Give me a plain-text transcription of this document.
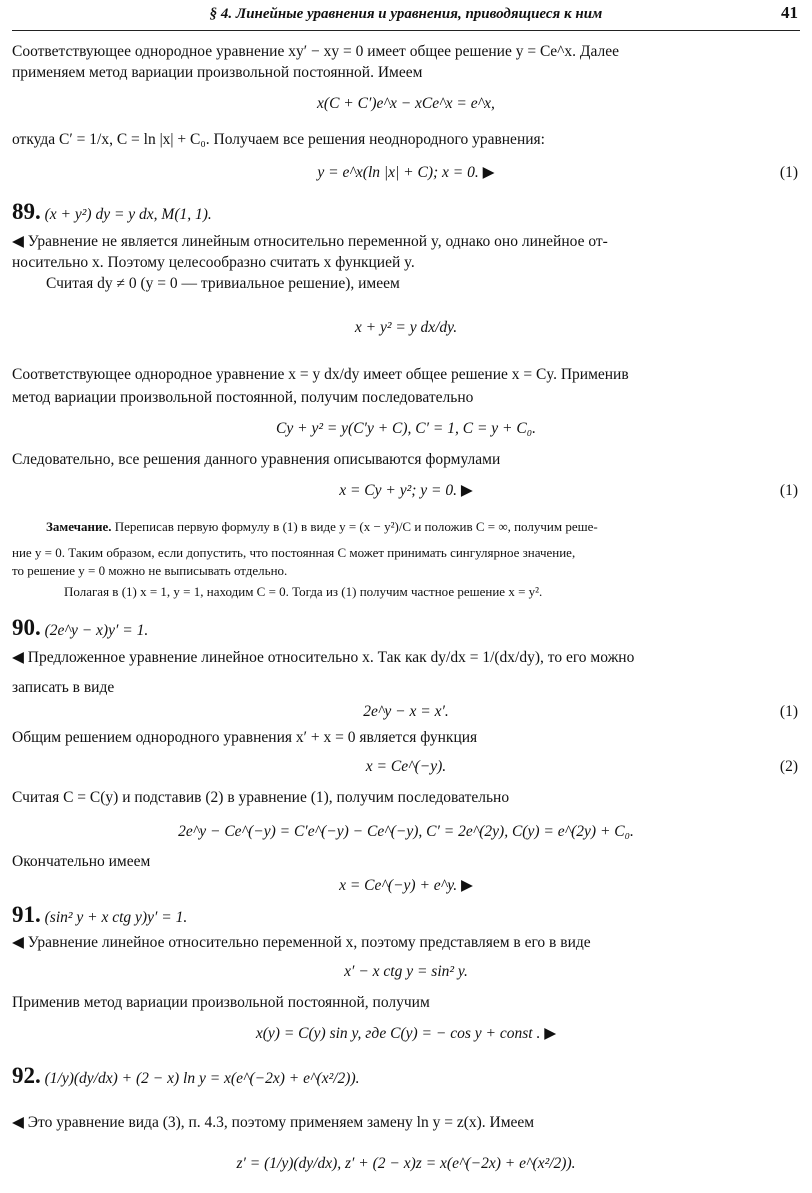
§ 4. Линейные уравнения и уравнения, приводящиеся к ним	41
Соответствующее однородное уравнение xy′ − xy = 0 имеет общее решение y = Ce^x. Далее
применяем метод вариации произвольной постоянной. Имеем
x(C + C′)e^x − xCe^x = e^x,
откуда C′ = 1/x, C = ln |x| + C₀. Получаем все решения неоднородного уравнения:
y = e^x(ln |x| + C); x = 0. ▶	(1)
89. (x + y²) dy = y dx, M(1, 1).
◀ Уравнение не является линейным относительно переменной y, однако оно линейное от-
носительно x. Поэтому целесообразно считать x функцией y.
Считая dy ≠ 0 (y = 0 — тривиальное решение), имеем
x + y² = y dx/dy.
Соответствующее однородное уравнение x = y dx/dy имеет общее решение x = Cy. Применив
метод вариации произвольной постоянной, получим последовательно
Cy + y² = y(C′y + C), C′ = 1, C = y + C₀.
Следовательно, все решения данного уравнения описываются формулами
x = Cy + y²; y = 0. ▶	(1)
Замечание. Переписав первую формулу в (1) в виде y = (x − y²)/C и положив C = ∞, получим реше-
ние y = 0. Таким образом, если допустить, что постоянная C может принимать сингулярное значение,
то решение y = 0 можно не выписывать отдельно.
Полагая в (1) x = 1, y = 1, находим C = 0. Тогда из (1) получим частное решение x = y².
90. (2e^y − x)y′ = 1.
◀ Предложенное уравнение линейное относительно x. Так как dy/dx = 1/(dx/dy), то его можно
записать в виде
2e^y − x = x′.	(1)
Общим решением однородного уравнения x′ + x = 0 является функция
x = Ce^(−y).	(2)
Считая C = C(y) и подставив (2) в уравнение (1), получим последовательно
2e^y − Ce^(−y) = C′e^(−y) − Ce^(−y), C′ = 2e^(2y), C(y) = e^(2y) + C₀.
Окончательно имеем
x = Ce^(−y) + e^y. ▶
91. (sin² y + x ctg y)y′ = 1.
◀ Уравнение линейное относительно переменной x, поэтому представляем в его в виде
x′ − x ctg y = sin² y.
Применив метод вариации произвольной постоянной, получим
x(y) = C(y) sin y, где C(y) = − cos y + const . ▶
92. (1/y)(dy/dx) + (2 − x) ln y = x(e^(−2x) + e^(x²/2)).
◀ Это уравнение вида (3), п. 4.3, поэтому применяем замену ln y = z(x). Имеем
z′ = (1/y)(dy/dx), z′ + (2 − x)z = x(e^(−2x) + e^(x²/2)).
